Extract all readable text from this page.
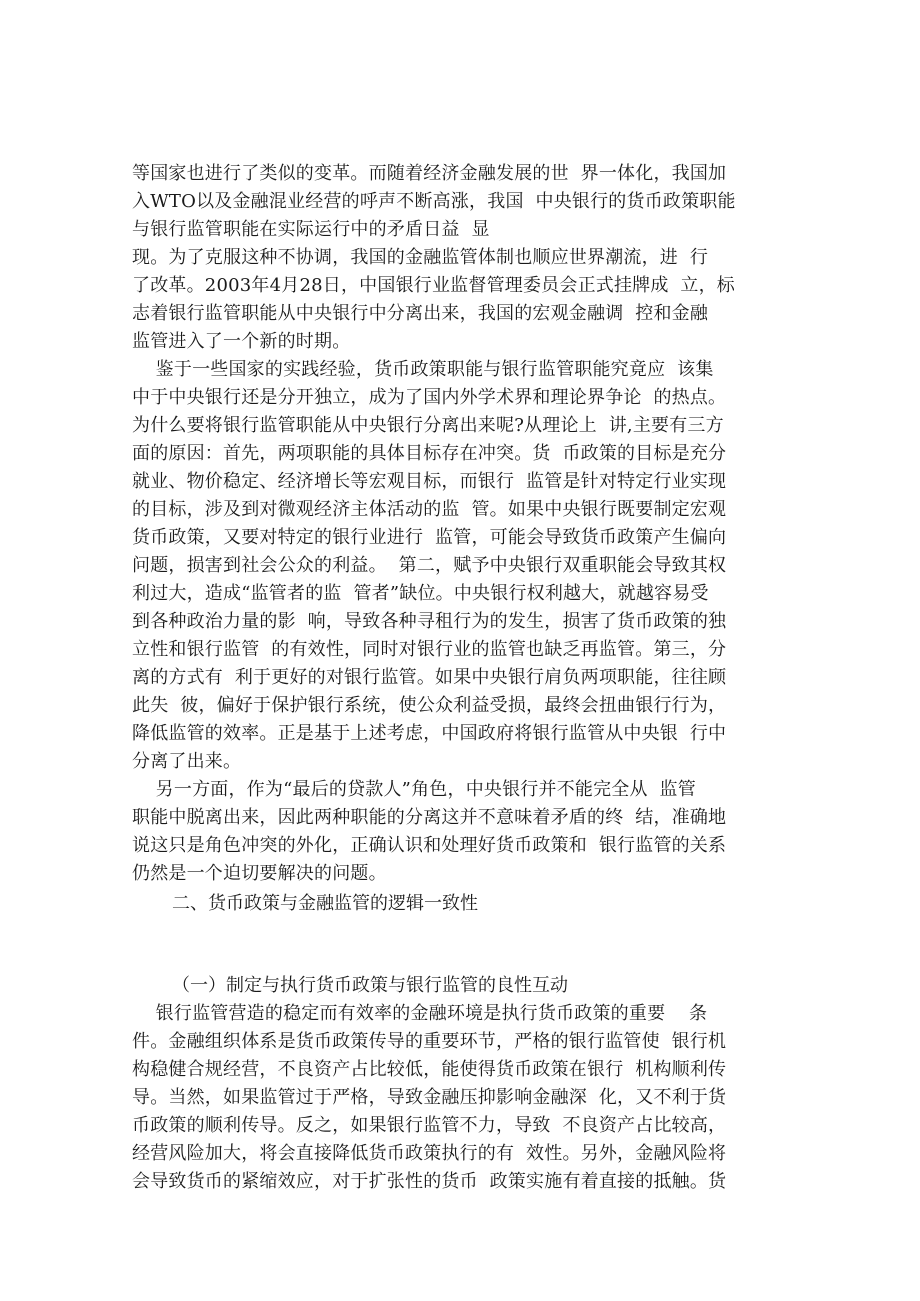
等国家也进行了类似的变革。而随着经济金融发展的世  界一体化，我国加
入WTO以及金融混业经营的呼声不断高涨，我国  中央银行的货币政策职能
与银行监管职能在实际运行中的矛盾日益  显
现。为了克服这种不协调，我国的金融监管体制也顺应世界潮流，进  行
了改革。2003年4月28日，中国银行业监督管理委员会正式挂牌成  立，标
志着银行监管职能从中央银行中分离出来，我国的宏观金融调  控和金融
监管进入了一个新的时期。
鉴于一些国家的实践经验，货币政策职能与银行监管职能究竟应  该集
中于中央银行还是分开独立，成为了国内外学术界和理论界争论  的热点。
为什么要将银行监管职能从中央银行分离出来呢?从理论上  讲,主要有三方
面的原因：首先，两项职能的具体目标存在冲突。货  币政策的目标是充分
就业、物价稳定、经济增长等宏观目标，而银行  监管是针对特定行业实现
的目标，涉及到对微观经济主体活动的监  管。如果中央银行既要制定宏观
货币政策，又要对特定的银行业进行  监管，可能会导致货币政策产生偏向
问题，损害到社会公众的利益。  第二，赋予中央银行双重职能会导致其权
利过大，造成“监管者的监  管者”缺位。中央银行权利越大，就越容易受
到各种政治力量的影  响，导致各种寻租行为的发生，损害了货币政策的独
立性和银行监管  的有效性，同时对银行业的监管也缺乏再监管。第三，分
离的方式有  利于更好的对银行监管。如果中央银行肩负两项职能，往往顾
此失  彼，偏好于保护银行系统，使公众利益受损，最终会扭曲银行行为，
降低监管的效率。正是基于上述考虑，中国政府将银行监管从中央银  行中
分离了出来。
另一方面，作为“最后的贷款人”角色，中央银行并不能完全从  监管
职能中脱离出来，因此两种职能的分离这并不意味着矛盾的终  结，准确地
说这只是角色冲突的外化，正确认识和处理好货币政策和  银行监管的关系
仍然是一个迫切要解决的问题。
二、货币政策与金融监管的逻辑一致性
（一）制定与执行货币政策与银行监管的良性互动
银行监管营造的稳定而有效率的金融环境是执行货币政策的重要    条
件。金融组织体系是货币政策传导的重要环节，严格的银行监管使  银行机
构稳健合规经营，不良资产占比较低，能使得货币政策在银行  机构顺利传
导。当然，如果监管过于严格，导致金融压抑影响金融深  化，又不利于货
币政策的顺利传导。反之，如果银行监管不力，导致  不良资产占比较高，
经营风险加大，将会直接降低货币政策执行的有  效性。另外，金融风险将
会导致货币的紧缩效应，对于扩张性的货币  政策实施有着直接的抵触。货
